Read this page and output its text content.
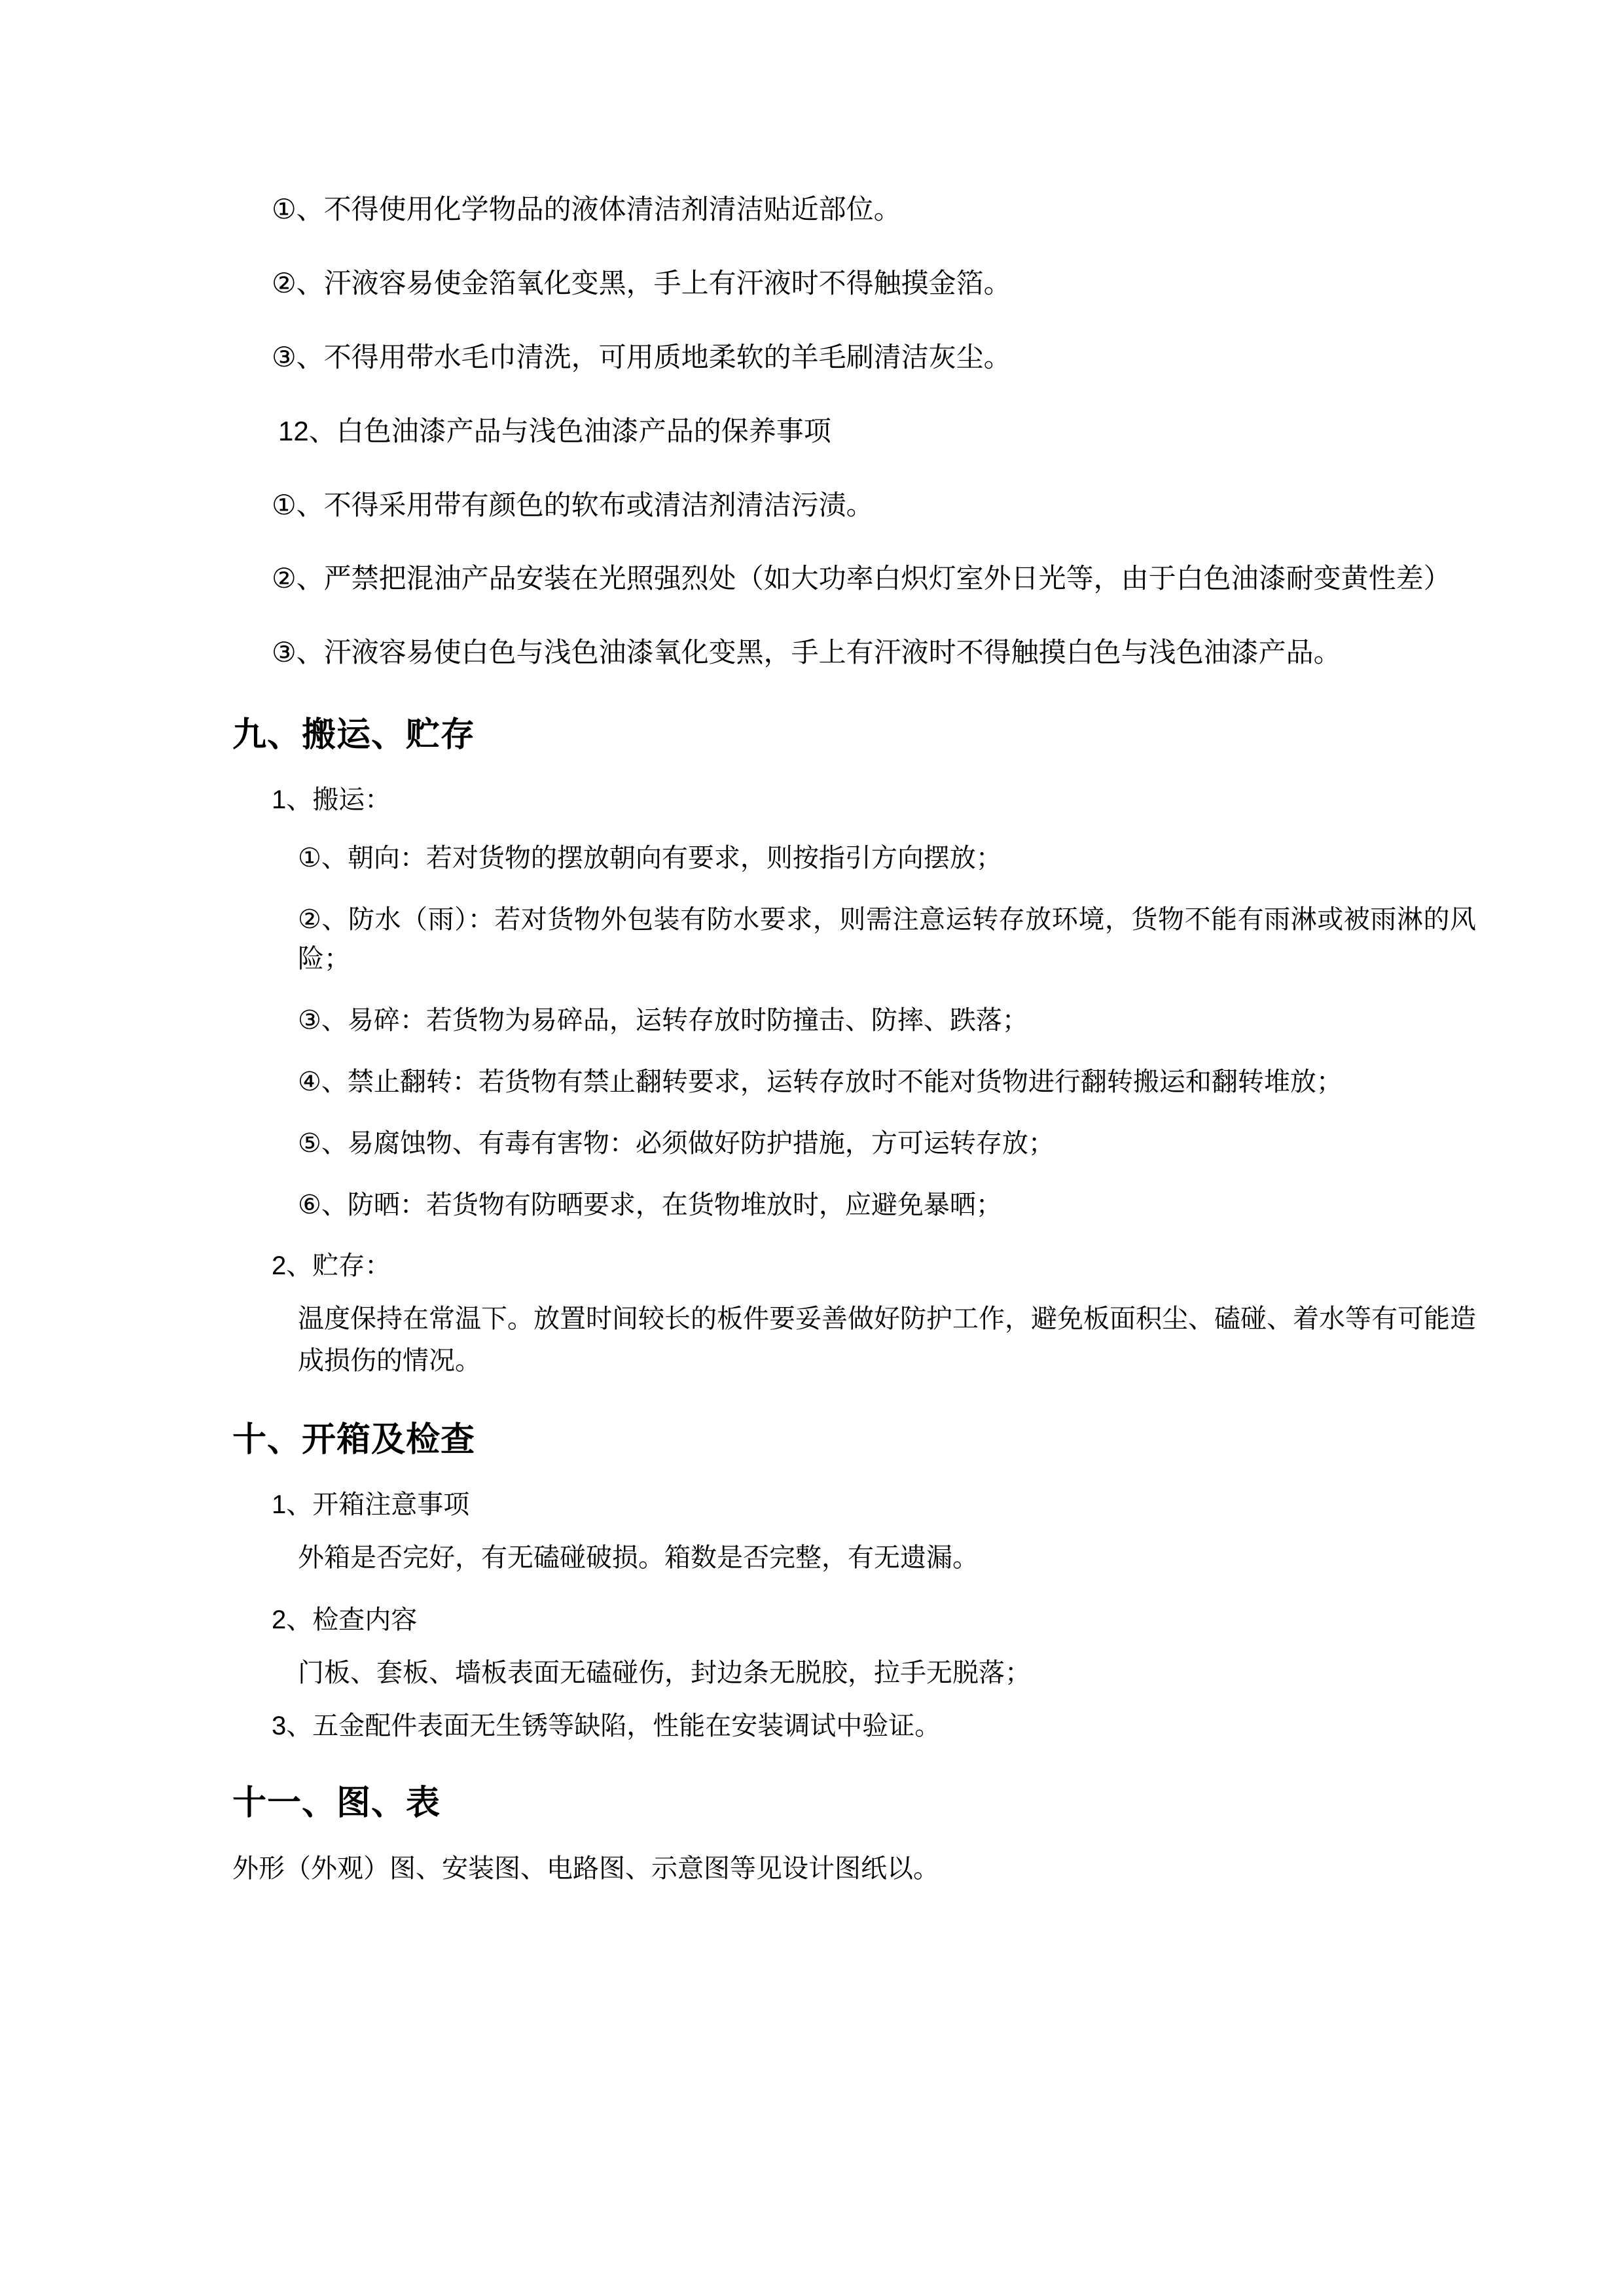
①、不得使用化学物品的液体清洁剂清洁贴近部位。

②、汗液容易使金箔氧化变黑，手上有汗液时不得触摸金箔。

③、不得用带水毛巾清洗，可用质地柔软的羊毛刷清洁灰尘。

12、白色油漆产品与浅色油漆产品的保养事项

①、不得采用带有颜色的软布或清洁剂清洁污渍。

②、严禁把混油产品安装在光照强烈处（如大功率白炽灯室外日光等，由于白色油漆耐变黄性差）

③、汗液容易使白色与浅色油漆氧化变黑，手上有汗液时不得触摸白色与浅色油漆产品。

九、搬运、贮存

1、搬运：

①、朝向：若对货物的摆放朝向有要求，则按指引方向摆放；

②、防水（雨）：若对货物外包装有防水要求，则需注意运转存放环境，货物不能有雨淋或被雨淋的风险；

③、易碎：若货物为易碎品，运转存放时防撞击、防摔、跌落；

④、禁止翻转：若货物有禁止翻转要求，运转存放时不能对货物进行翻转搬运和翻转堆放；

⑤、易腐蚀物、有毒有害物：必须做好防护措施，方可运转存放；

⑥、防晒：若货物有防晒要求，在货物堆放时，应避免暴晒；

2、贮存：

温度保持在常温下。放置时间较长的板件要妥善做好防护工作，避免板面积尘、磕碰、着水等有可能造成损伤的情况。

十、开箱及检查

1、开箱注意事项

外箱是否完好，有无磕碰破损。箱数是否完整，有无遗漏。

2、检查内容

门板、套板、墙板表面无磕碰伤，封边条无脱胶，拉手无脱落；

3、五金配件表面无生锈等缺陷，性能在安装调试中验证。

十一、图、表

外形（外观）图、安装图、电路图、示意图等见设计图纸以。
